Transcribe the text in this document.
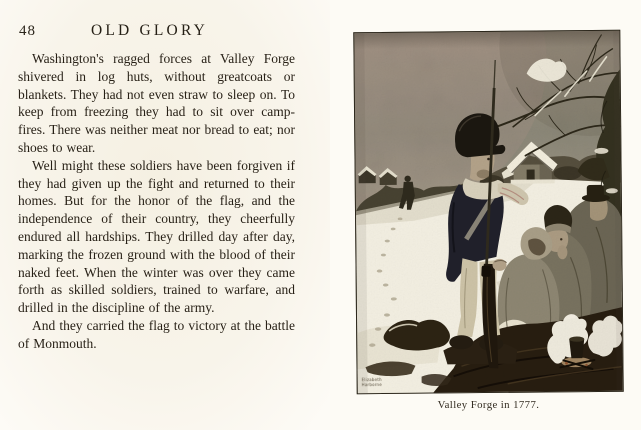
48	OLD GLORY

Washington's ragged forces at Valley Forge shivered in log huts, without greatcoats or blankets. They had not even straw to sleep on. To keep from freezing they had to sit over camp-fires. There was neither meat nor bread to eat; nor shoes to wear.

Well might these soldiers have been forgiven if they had given up the fight and returned to their homes. But for the honor of the flag, and the independence of their country, they cheerfully endured all hardships. They drilled day after day, marking the frozen ground with the blood of their naked feet. When the winter was over they came forth as skilled soldiers, trained to warfare, and drilled in the discipline of the army.

And they carried the flag to victory at the battle of Monmouth.

Elizabeth
Harborne
Valley Forge in 1777.
